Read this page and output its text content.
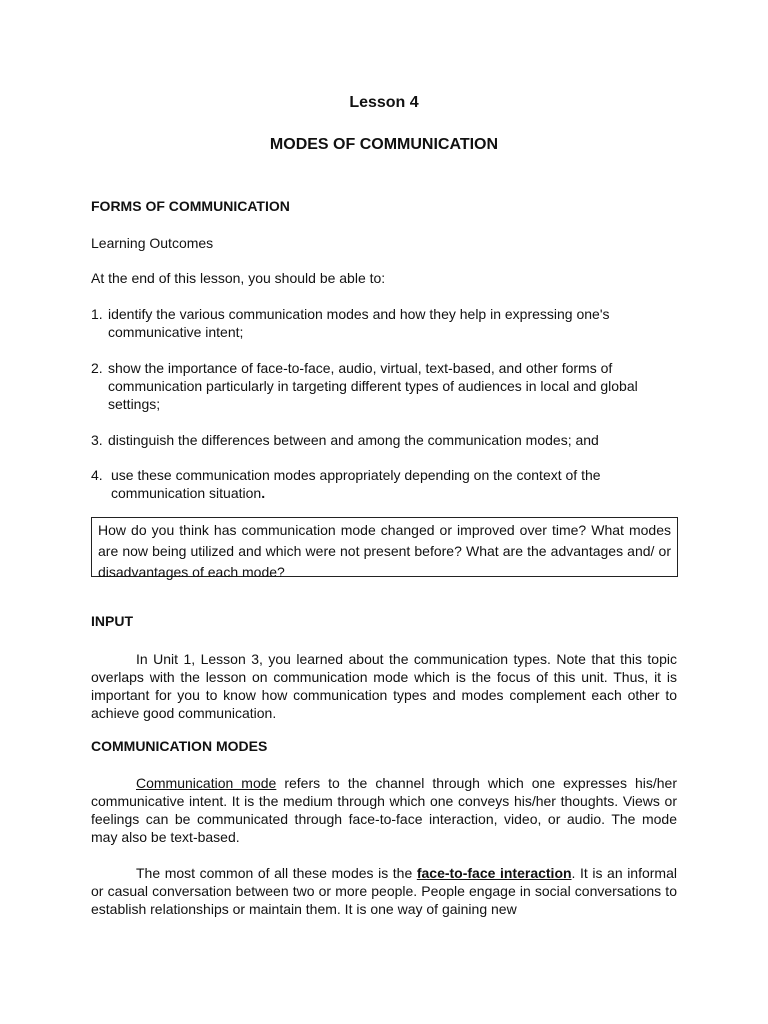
Lesson 4
MODES OF COMMUNICATION
FORMS OF COMMUNICATION
Learning Outcomes
At the end of this lesson, you should be able to:
1. identify the various communication modes and how they help in expressing one's communicative intent;
2. show the importance of face-to-face, audio, virtual, text-based, and other forms of communication particularly in targeting different types of audiences in local and global settings;
3. distinguish the differences between and among the communication modes; and
4. use these communication modes appropriately depending on the context of the communication situation.
How do you think has communication mode changed or improved over time? What modes are now being utilized and which were not present before? What are the advantages and/ or disadvantages of each mode?
INPUT
In Unit 1, Lesson 3, you learned about the communication types. Note that this topic overlaps with the lesson on communication mode which is the focus of this unit. Thus, it is important for you to know how communication types and modes complement each other to achieve good communication.
COMMUNICATION MODES
Communication mode refers to the channel through which one expresses his/her communicative intent. It is the medium through which one conveys his/her thoughts. Views or feelings can be communicated through face-to-face interaction, video, or audio. The mode may also be text-based.
The most common of all these modes is the face-to-face interaction. It is an informal or casual conversation between two or more people. People engage in social conversations to establish relationships or maintain them. It is one way of gaining new
